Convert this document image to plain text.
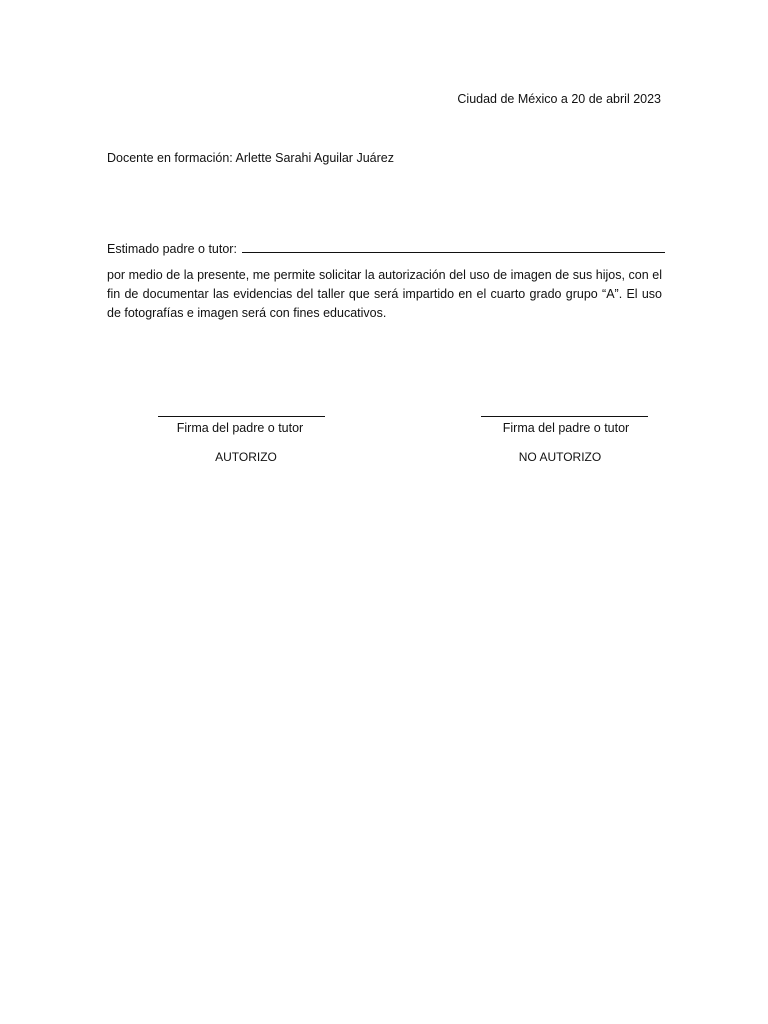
Ciudad de México a 20 de abril 2023
Docente en formación: Arlette Sarahi Aguilar Juárez
Estimado padre o tutor:
por medio de la presente, me permite solicitar la autorización del uso de imagen de sus hijos, con el fin de documentar las evidencias del taller que será impartido en el cuarto grado grupo “A”. El uso de fotografías e imagen será con fines educativos.
Firma del padre o tutor
AUTORIZO
Firma del padre o tutor
NO AUTORIZO
